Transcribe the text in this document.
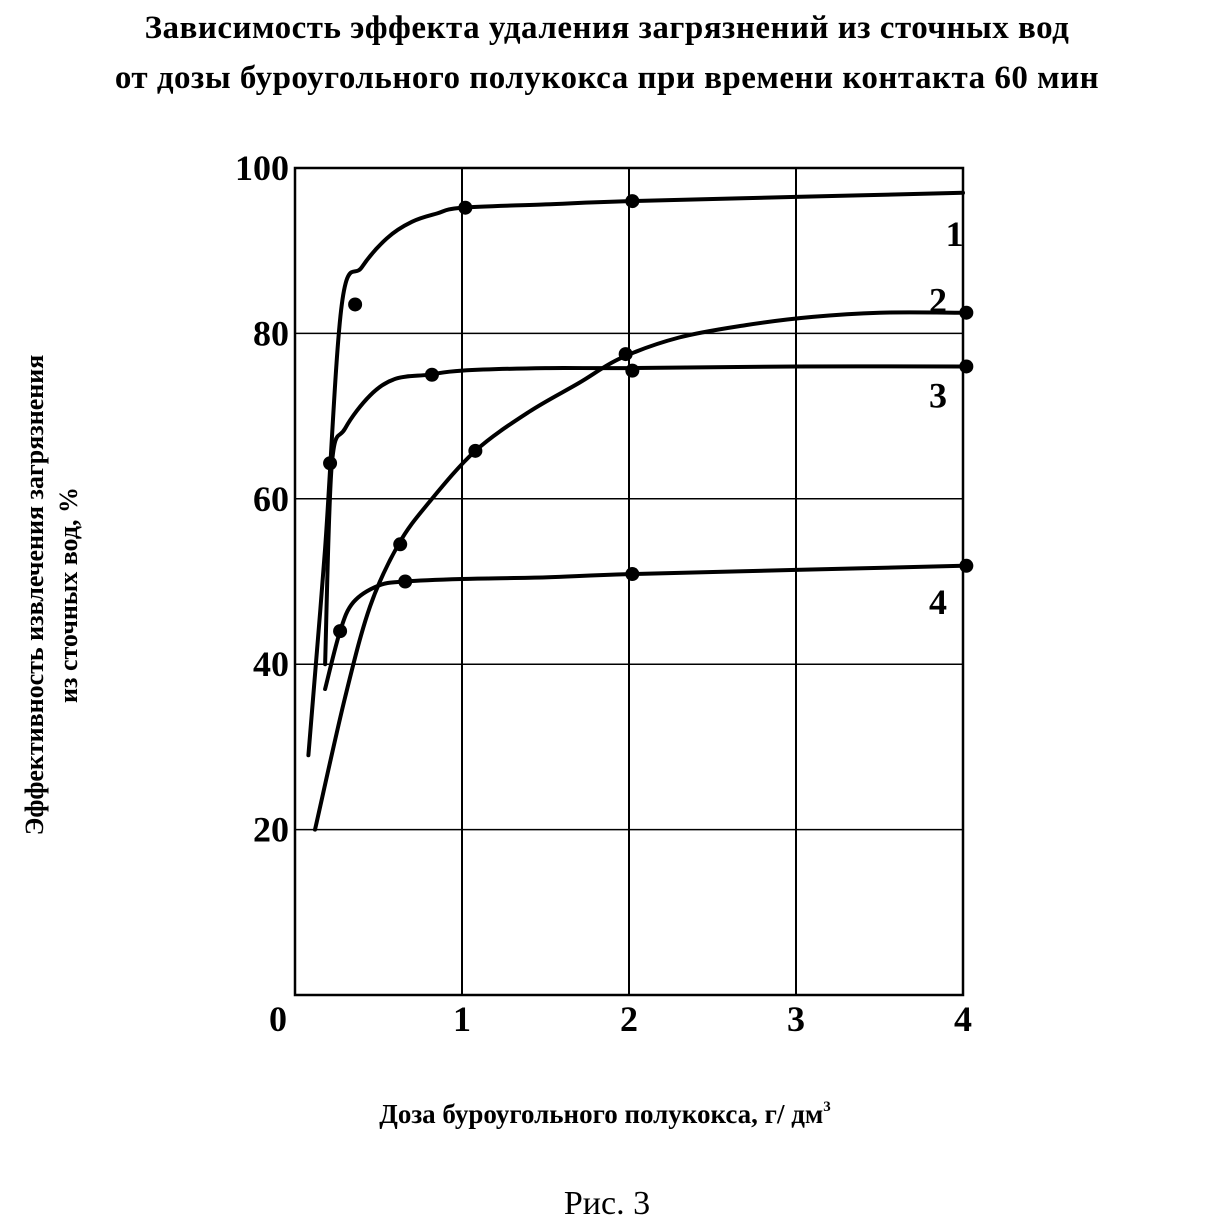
Зависимость эффекта удаления загрязнений из сточных вод
от дозы буроугольного полукокса при времени контакта 60 мин
20
40
60
80
100
0	1	2	3	4
1
2
3
4
Доза буроугольного полукокса, г/ $дм^3$
Эффективность извлечения загрязнения из сточных вод, %
Рис. 3
